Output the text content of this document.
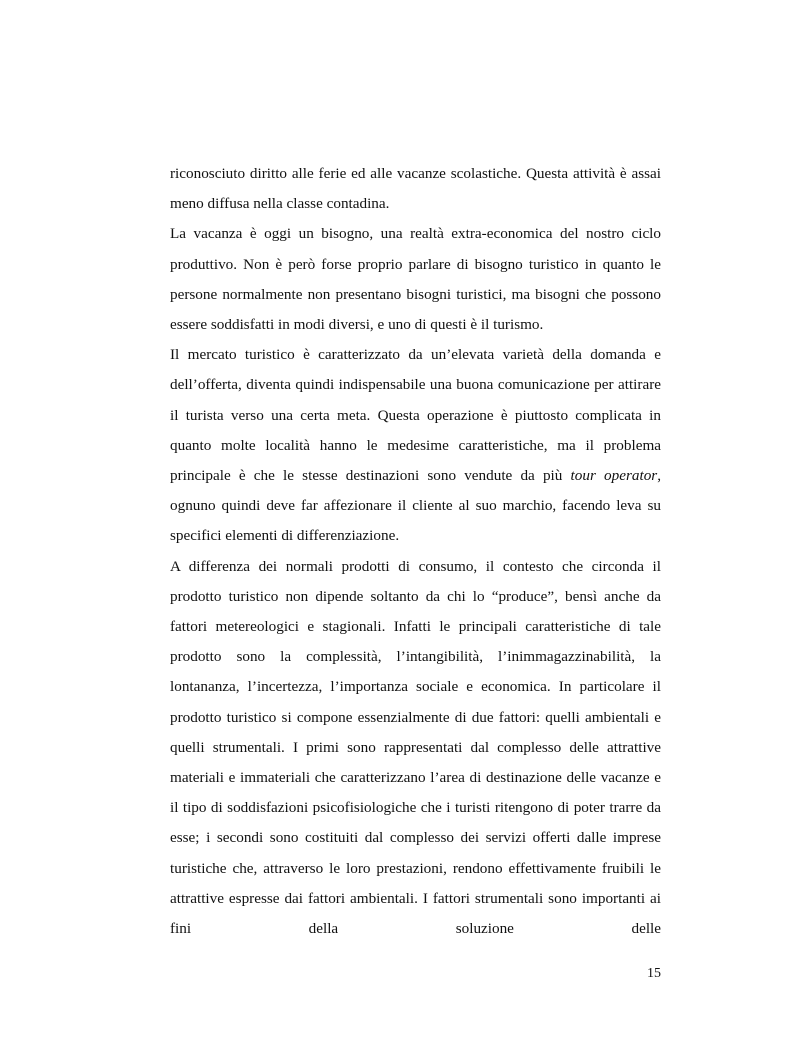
riconosciuto diritto alle ferie ed alle vacanze scolastiche. Questa attività è assai meno diffusa nella classe contadina.

La vacanza è oggi un bisogno, una realtà extra-economica del nostro ciclo produttivo. Non è però forse proprio parlare di bisogno turistico in quanto le persone normalmente non presentano bisogni turistici, ma bisogni che possono essere soddisfatti in modi diversi, e uno di questi è il turismo.

Il mercato turistico è caratterizzato da un’elevata varietà della domanda e dell’offerta, diventa quindi indispensabile una buona comunicazione per attirare il turista verso una certa meta. Questa operazione è piuttosto complicata in quanto molte località hanno le medesime caratteristiche, ma il problema principale è che le stesse destinazioni sono vendute da più tour operator, ognuno quindi deve far affezionare il cliente al suo marchio, facendo leva su specifici elementi di differenziazione.

A differenza dei normali prodotti di consumo, il contesto che circonda il prodotto turistico non dipende soltanto da chi lo “produce”, bensì anche da fattori metereologici e stagionali. Infatti le principali caratteristiche di tale prodotto sono la complessità, l’intangibilità, l’inimmagazzinabilità, la lontananza, l’incertezza, l’importanza sociale e economica. In particolare il prodotto turistico si compone essenzialmente di due fattori: quelli ambientali e quelli strumentali. I primi sono rappresentati dal complesso delle attrattive materiali e immateriali che caratterizzano l’area di destinazione delle vacanze e il tipo di soddisfazioni psicofisiologiche che i turisti ritengono di poter trarre da esse; i secondi sono costituiti dal complesso dei servizi offerti dalle imprese turistiche che, attraverso le loro prestazioni, rendono effettivamente fruibili le attrattive espresse dai fattori ambientali. I fattori strumentali sono importanti ai fini della soluzione delle

15
